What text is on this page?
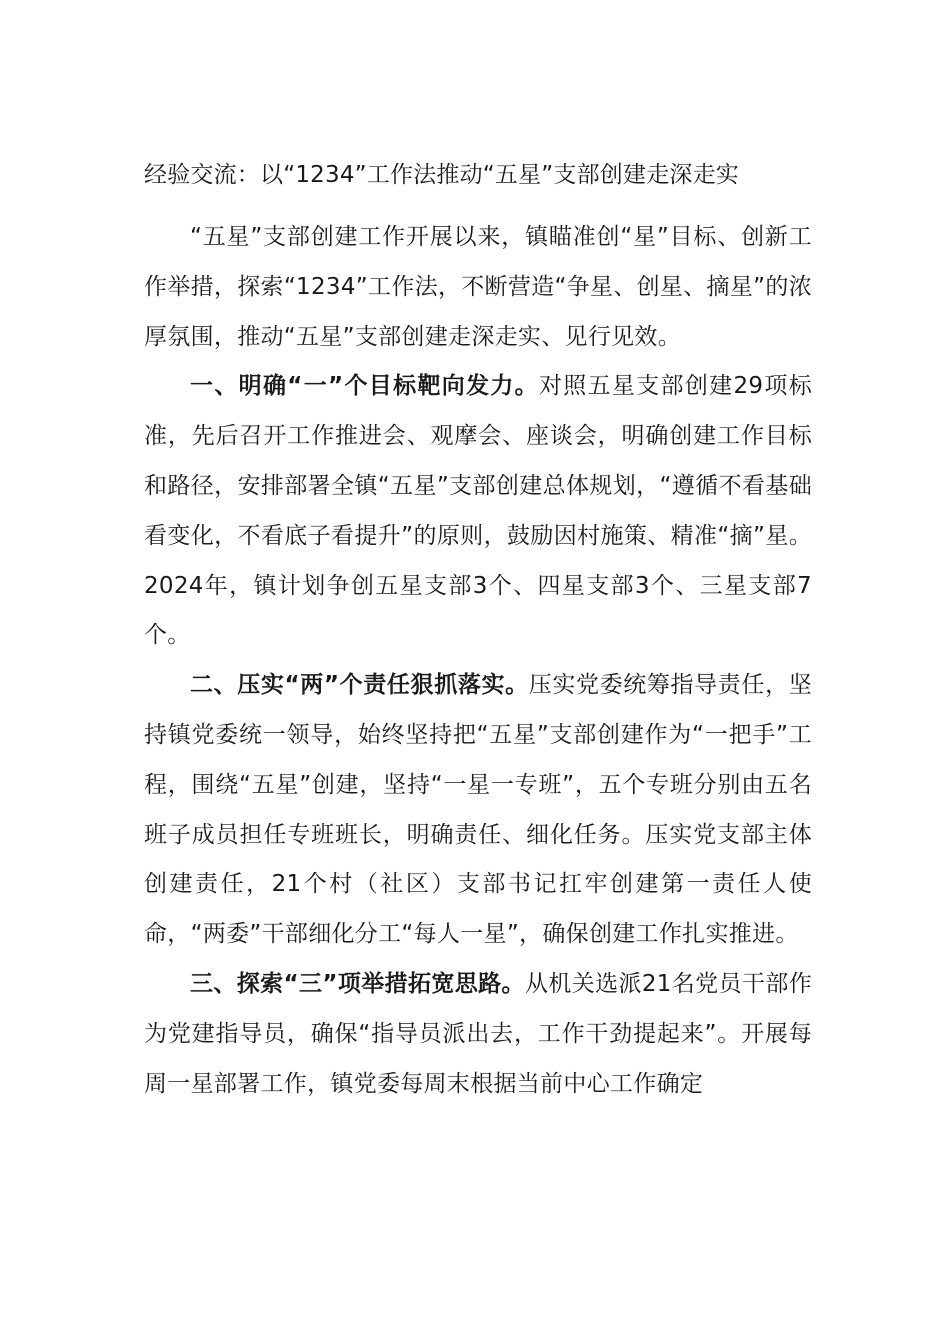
经验交流：以“1234”工作法推动“五星”支部创建走深走实

“五星”支部创建工作开展以来，镇瞄准创“星”目标、创新工作举措，探索“1234”工作法，不断营造“争星、创星、摘星”的浓厚氛围，推动“五星”支部创建走深走实、见行见效。

一、明确“一”个目标靶向发力。对照五星支部创建29项标准，先后召开工作推进会、观摩会、座谈会，明确创建工作目标和路径，安排部署全镇“五星”支部创建总体规划，“遵循不看基础看变化，不看底子看提升”的原则，鼓励因村施策、精准“摘”星。2024年，镇计划争创五星支部3个、四星支部3个、三星支部7个。

二、压实“两”个责任狠抓落实。压实党委统筹指导责任，坚持镇党委统一领导，始终坚持把“五星”支部创建作为“一把手”工程，围绕“五星”创建，坚持“一星一专班”，五个专班分别由五名班子成员担任专班班长，明确责任、细化任务。压实党支部主体创建责任，21个村（社区）支部书记扛牢创建第一责任人使命，“两委”干部细化分工“每人一星”，确保创建工作扎实推进。

三、探索“三”项举措拓宽思路。从机关选派21名党员干部作为党建指导员，确保“指导员派出去，工作干劲提起来”。开展每周一星部署工作，镇党委每周末根据当前中心工作确定
